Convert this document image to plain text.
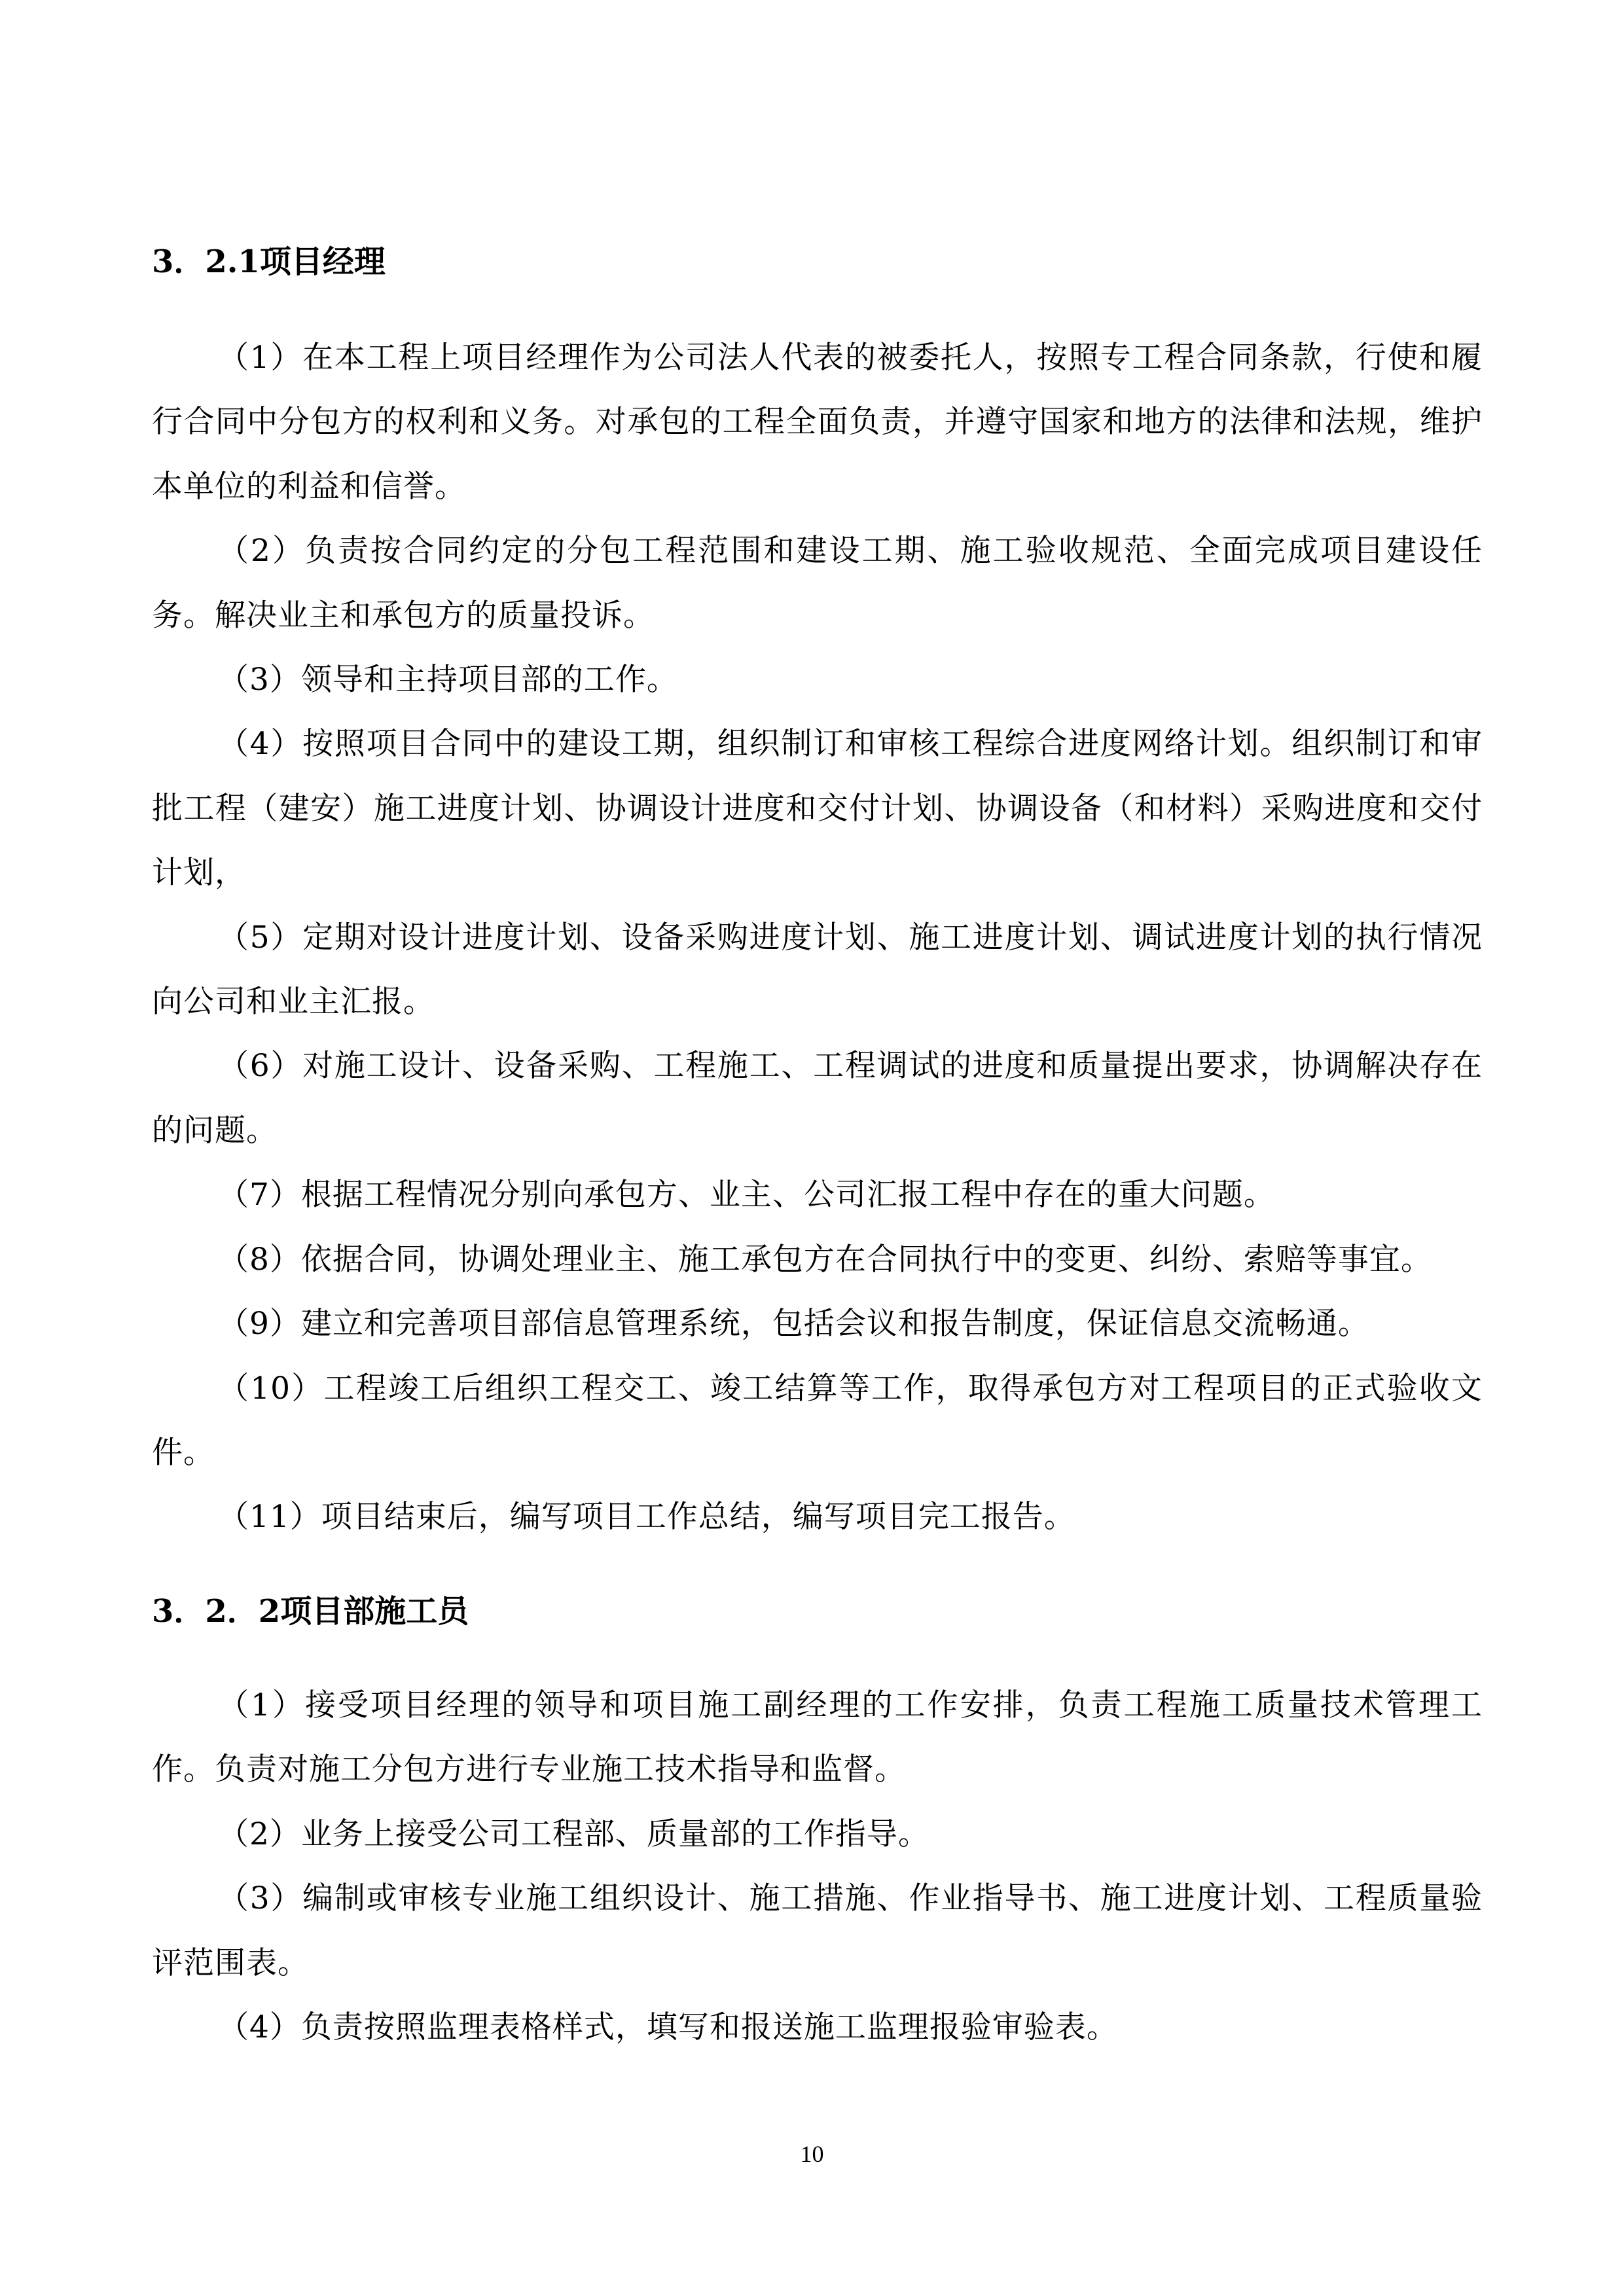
3．2.1项目经理

（1）在本工程上项目经理作为公司法人代表的被委托人，按照专工程合同条款，行使和履行合同中分包方的权利和义务。对承包的工程全面负责，并遵守国家和地方的法律和法规，维护本单位的利益和信誉。

（2）负责按合同约定的分包工程范围和建设工期、施工验收规范、全面完成项目建设任务。解决业主和承包方的质量投诉。

（3）领导和主持项目部的工作。

（4）按照项目合同中的建设工期，组织制订和审核工程综合进度网络计划。组织制订和审批工程（建安）施工进度计划、协调设计进度和交付计划、协调设备（和材料）采购进度和交付计划，

（5）定期对设计进度计划、设备采购进度计划、施工进度计划、调试进度计划的执行情况向公司和业主汇报。

（6）对施工设计、设备采购、工程施工、工程调试的进度和质量提出要求，协调解决存在的问题。

（7）根据工程情况分别向承包方、业主、公司汇报工程中存在的重大问题。

（8）依据合同，协调处理业主、施工承包方在合同执行中的变更、纠纷、索赔等事宜。

（9）建立和完善项目部信息管理系统，包括会议和报告制度，保证信息交流畅通。

（10）工程竣工后组织工程交工、竣工结算等工作，取得承包方对工程项目的正式验收文件。

（11）项目结束后，编写项目工作总结，编写项目完工报告。

3．2．2项目部施工员

（1）接受项目经理的领导和项目施工副经理的工作安排，负责工程施工质量技术管理工作。负责对施工分包方进行专业施工技术指导和监督。

（2）业务上接受公司工程部、质量部的工作指导。

（3）编制或审核专业施工组织设计、施工措施、作业指导书、施工进度计划、工程质量验评范围表。

（4）负责按照监理表格样式，填写和报送施工监理报验审验表。

10
